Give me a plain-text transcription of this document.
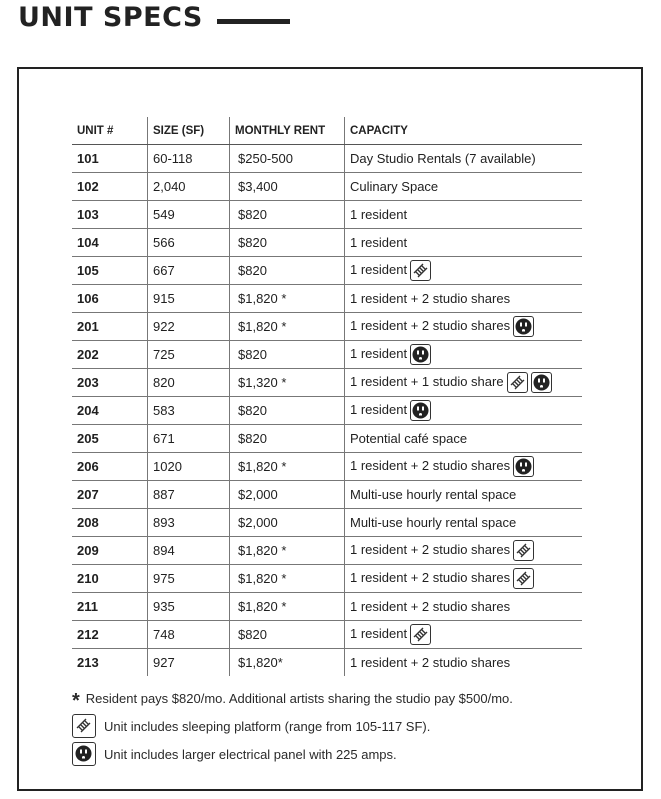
UNIT SPECS
UNIT #	SIZE (SF)	MONTHLY RENT	CAPACITY
101	60-118	$250-500	Day Studio Rentals (7 available)
102	2,040	$3,400	Culinary Space
103	549	$820	1 resident
104	566	$820	1 resident
105	667	$820	1 resident

106	915	$1,820 *	1 resident + 2 studio shares
201	922	$1,820 *	1 resident + 2 studio shares

202	725	$820	1 resident

203	820	$1,320 *	1 resident + 1 studio share

204	583	$820	1 resident

205	671	$820	Potential café space
206	1020	$1,820 *	1 resident + 2 studio shares

207	887	$2,000	Multi-use hourly rental space
208	893	$2,000	Multi-use hourly rental space
209	894	$1,820 *	1 resident + 2 studio shares

210	975	$1,820 *	1 resident + 2 studio shares

211	935	$1,820 *	1 resident + 2 studio shares
212	748	$820	1 resident

213	927	$1,820*	1 resident + 2 studio shares
* Resident pays $820/mo. Additional artists sharing the studio pay $500/mo.
Unit includes sleeping platform (range from 105-117 SF).
Unit includes larger electrical panel with 225 amps.
